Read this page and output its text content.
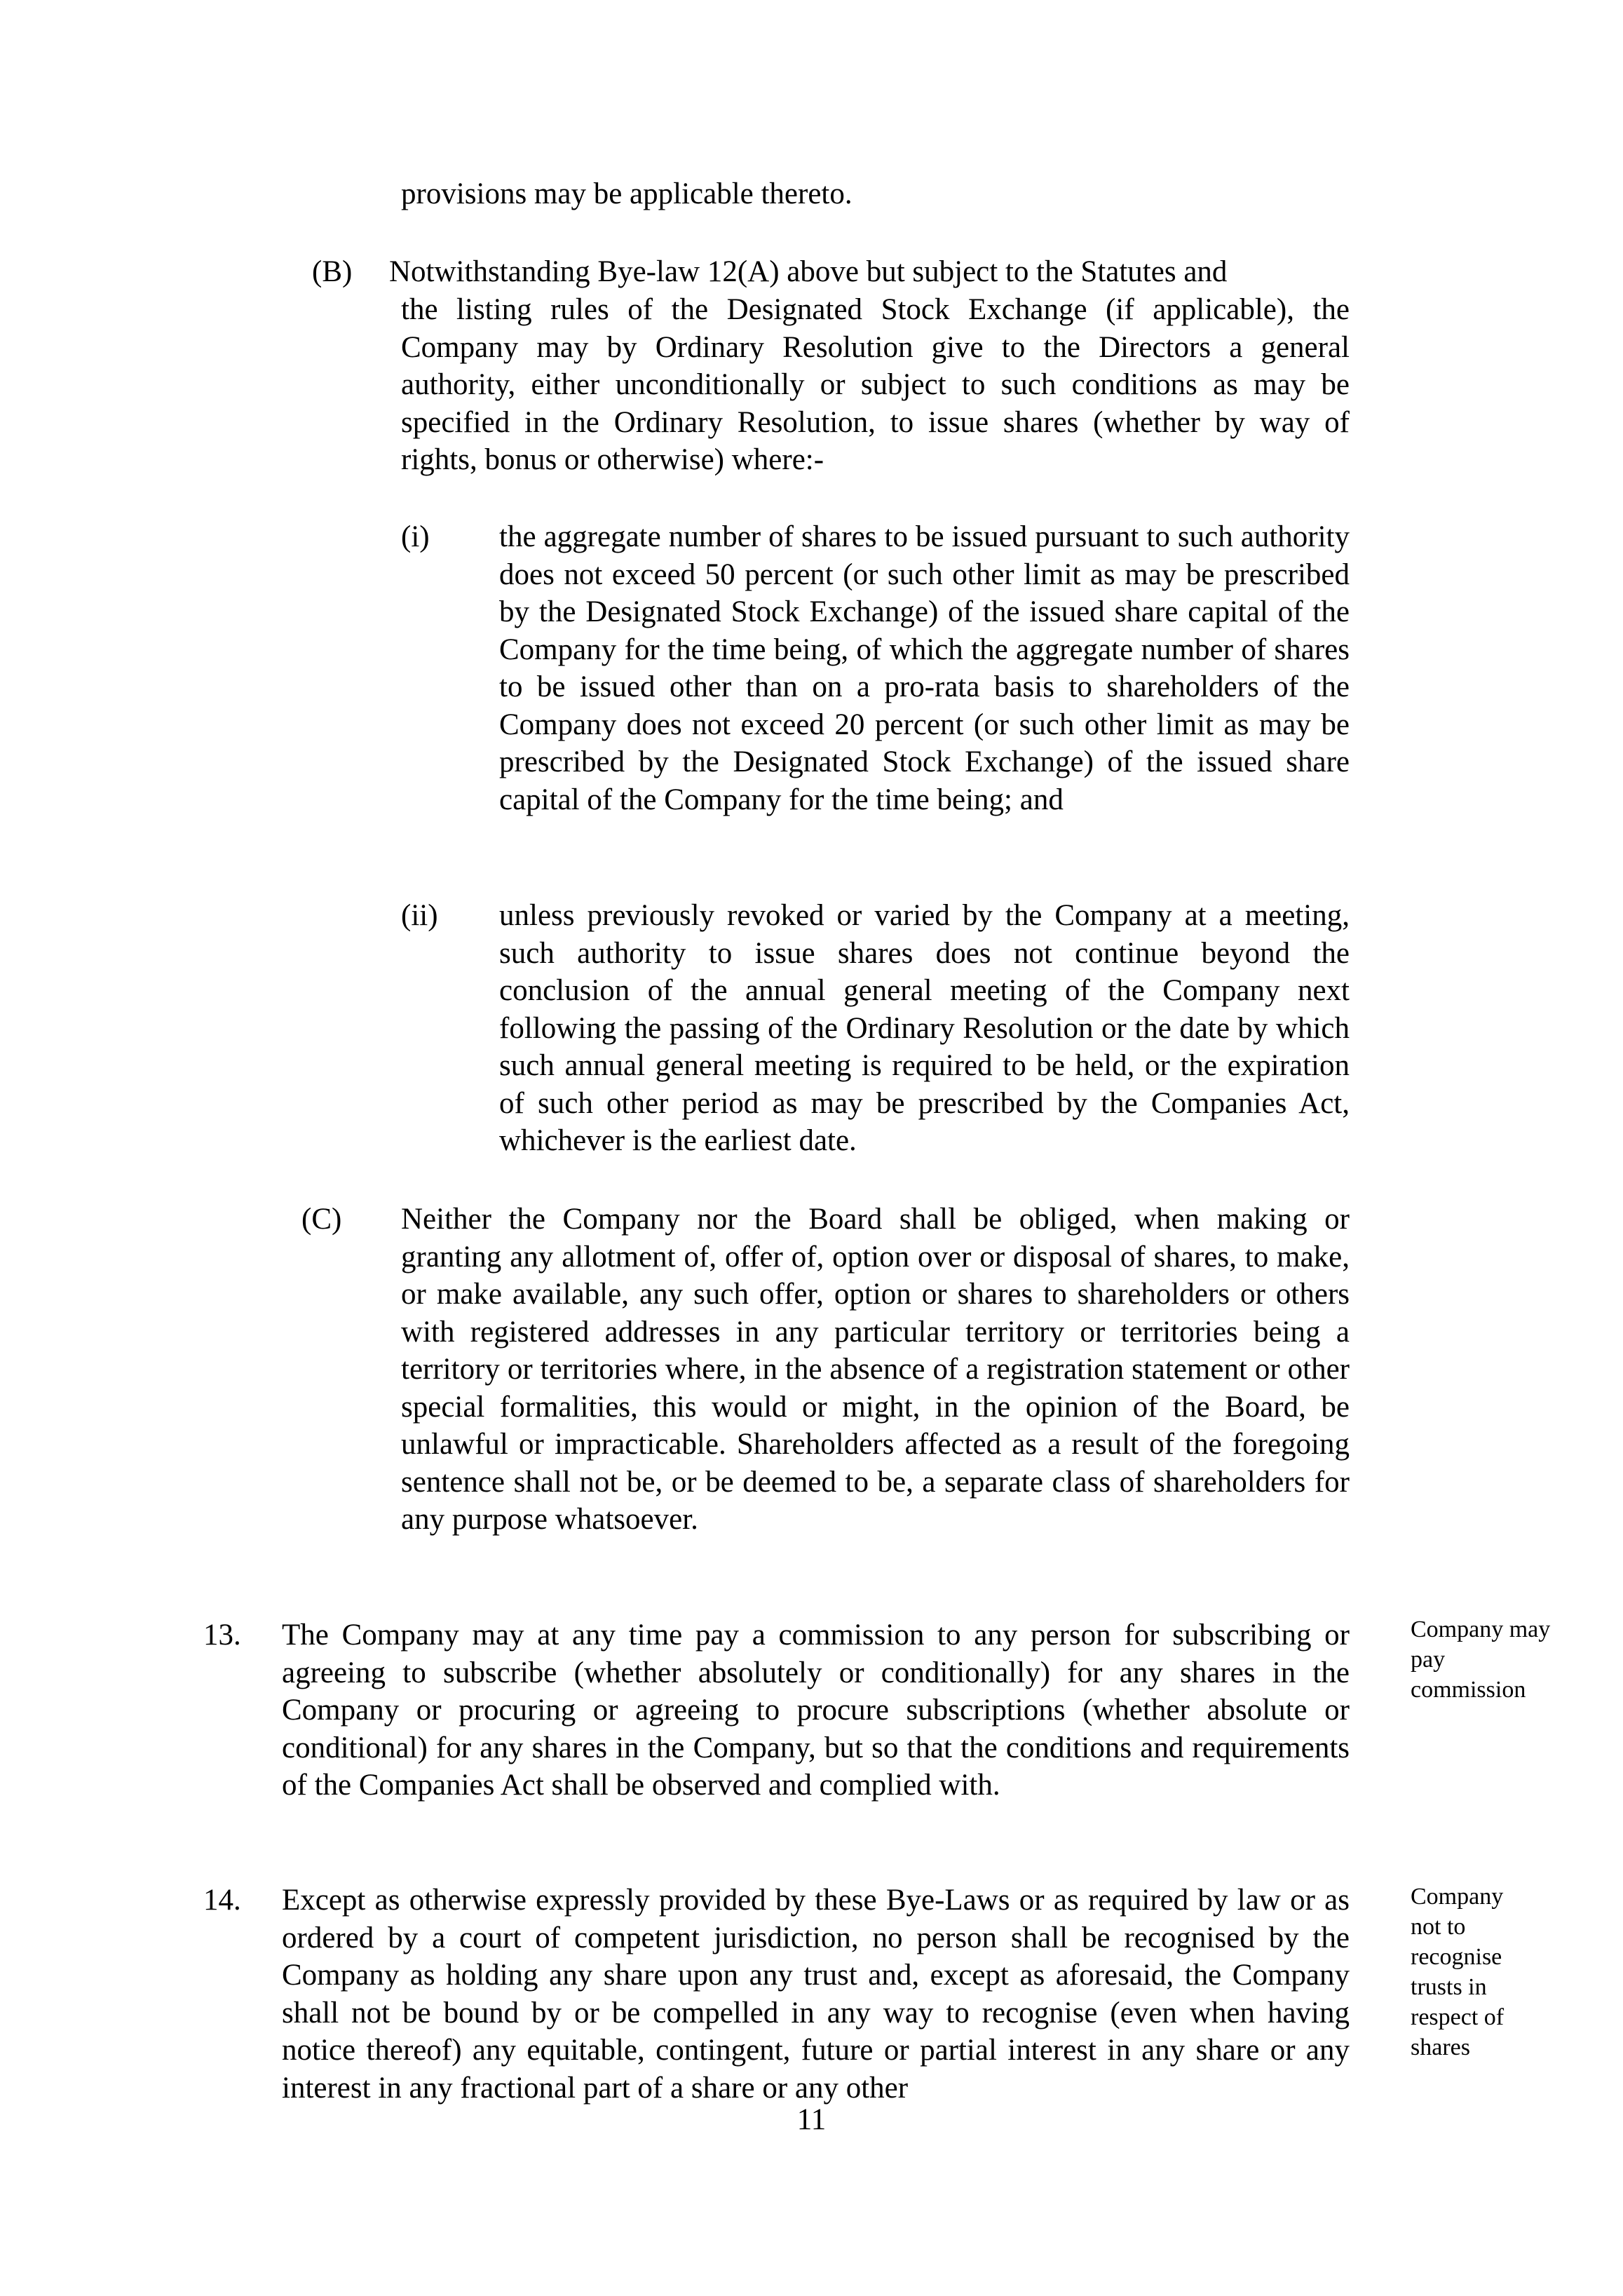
provisions may be applicable thereto.
(B) Notwithstanding Bye-law 12(A) above but subject to the Statutes and
the listing rules of the Designated Stock Exchange (if applicable), the Company may by Ordinary Resolution give to the Directors a general authority, either unconditionally or subject to such conditions as may be specified in the Ordinary Resolution, to issue shares (whether by way of rights, bonus or otherwise) where:-
(i) the aggregate number of shares to be issued pursuant to such authority does not exceed 50 percent (or such other limit as may be prescribed by the Designated Stock Exchange) of the issued share capital of the Company for the time being, of which the aggregate number of shares to be issued other than on a pro-rata basis to shareholders of the Company does not exceed 20 percent (or such other limit as may be prescribed by the Designated Stock Exchange) of the issued share capital of the Company for the time being; and
(ii) unless previously revoked or varied by the Company at a meeting, such authority to issue shares does not continue beyond the conclusion of the annual general meeting of the Company next following the passing of the Ordinary Resolution or the date by which such annual general meeting is required to be held, or the expiration of such other period as may be prescribed by the Companies Act, whichever is the earliest date.
(C) Neither the Company nor the Board shall be obliged, when making or granting any allotment of, offer of, option over or disposal of shares, to make, or make available, any such offer, option or shares to shareholders or others with registered addresses in any particular territory or territories being a territory or territories where, in the absence of a registration statement or other special formalities, this would or might, in the opinion of the Board, be unlawful or impracticable. Shareholders affected as a result of the foregoing sentence shall not be, or be deemed to be, a separate class of shareholders for any purpose whatsoever.
13. The Company may at any time pay a commission to any person for subscribing or agreeing to subscribe (whether absolutely or conditionally) for any shares in the Company or procuring or agreeing to procure subscriptions (whether absolute or conditional) for any shares in the Company, but so that the conditions and requirements of the Companies Act shall be observed and complied with.
Company may
pay
commission
14. Except as otherwise expressly provided by these Bye-Laws or as required by law or as ordered by a court of competent jurisdiction, no person shall be recognised by the Company as holding any share upon any trust and, except as aforesaid, the Company shall not be bound by or be compelled in any way to recognise (even when having notice thereof) any equitable, contingent, future or partial interest in any share or any interest in any fractional part of a share or any other
Company
not to
recognise
trusts in
respect of
shares
11
